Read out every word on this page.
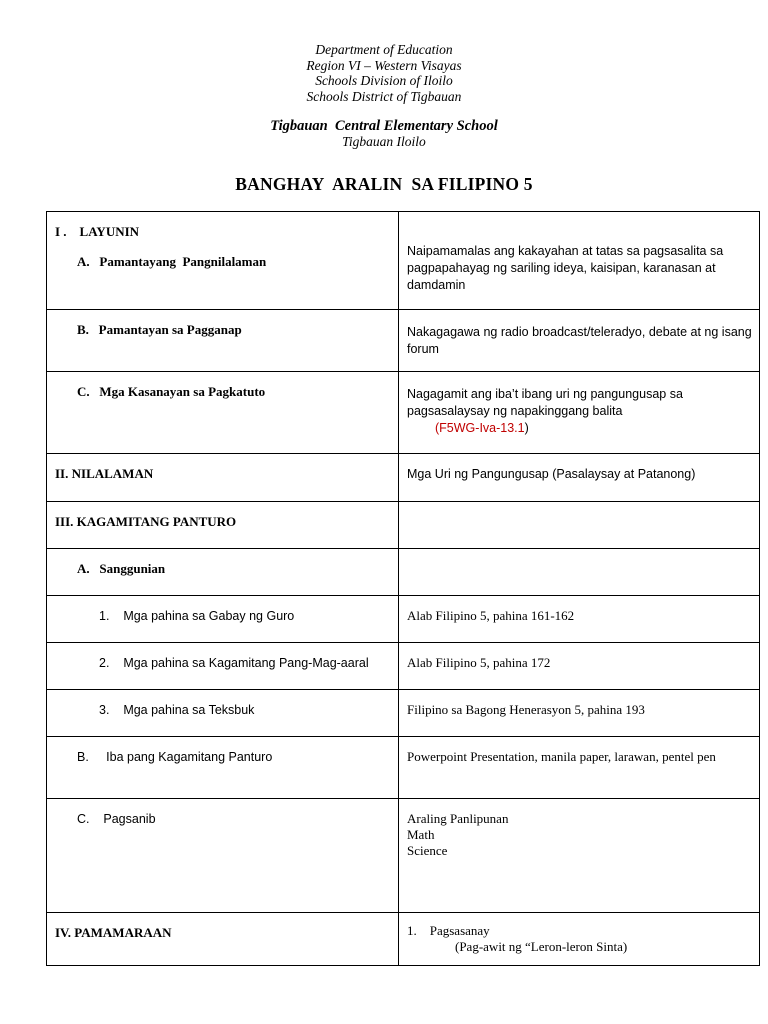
Department of Education
Region VI – Western Visayas
Schools Division of Iloilo
Schools District of Tigbauan
Tigbauan  Central Elementary School
Tigbauan Iloilo
BANGHAY  ARALIN  SA FILIPINO 5
I .    LAYUNIN
A.   Pamantayang  Pangnilalaman	Naipamamalas ang kakayahan at tatas sa pagsasalita sa pagpapahayag ng sariling ideya, kaisipan, karanasan at damdamin

B.   Pamantayan sa Pagganap	Nakagagawa ng radio broadcast/teleradyo, debate at ng isang forum

C.   Mga Kasanayan sa Pagkatuto	Nagagamit ang iba’t ibang uri ng pangungusap sa pagsasalaysay ng napakinggang balita
(F5WG-Iva-13.1)

II. NILALAMAN	Mga Uri ng Pangungusap (Pasalaysay at Patanong)

III. KAGAMITANG PANTURO	

A.   Sanggunian	

1.    Mga pahina sa Gabay ng Guro	Alab Filipino 5, pahina 161-162

2.    Mga pahina sa Kagamitang Pang-Mag-aaral	Alab Filipino 5, pahina 172

3.    Mga pahina sa Teksbuk	Filipino sa Bagong Henerasyon 5, pahina 193

B.     Iba pang Kagamitang Panturo	Powerpoint Presentation, manila paper, larawan, pentel pen

C.    Pagsanib	Araling Panlipunan
Math
Science

IV. PAMAMARAAN	1.    Pagsasanay
(Pag-awit ng “Leron-leron Sinta)
